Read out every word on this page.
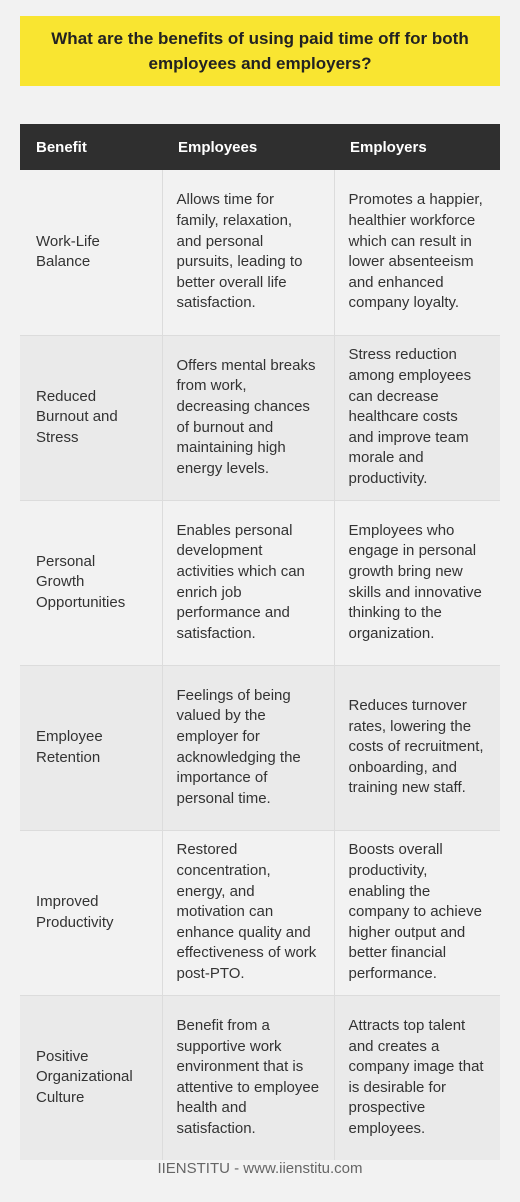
What are the benefits of using paid time off for both employees and employers?
Benefit	Employees	Employers
Work-Life Balance	Allows time for family, relaxation, and personal pursuits, leading to better overall life satisfaction.	Promotes a happier, healthier workforce which can result in lower absenteeism and enhanced company loyalty.
Reduced Burnout and Stress	Offers mental breaks from work, decreasing chances of burnout and maintaining high energy levels.	Stress reduction among employees can decrease healthcare costs and improve team morale and productivity.
Personal Growth Opportunities	Enables personal development activities which can enrich job performance and satisfaction.	Employees who engage in personal growth bring new skills and innovative thinking to the organization.
Employee Retention	Feelings of being valued by the employer for acknowledging the importance of personal time.	Reduces turnover rates, lowering the costs of recruitment, onboarding, and training new staff.
Improved Productivity	Restored concentration, energy, and motivation can enhance quality and effectiveness of work post-PTO.	Boosts overall productivity, enabling the company to achieve higher output and better financial performance.
Positive Organizational Culture	Benefit from a supportive work environment that is attentive to employee health and satisfaction.	Attracts top talent and creates a company image that is desirable for prospective employees.
IIENSTITU - www.iienstitu.com
